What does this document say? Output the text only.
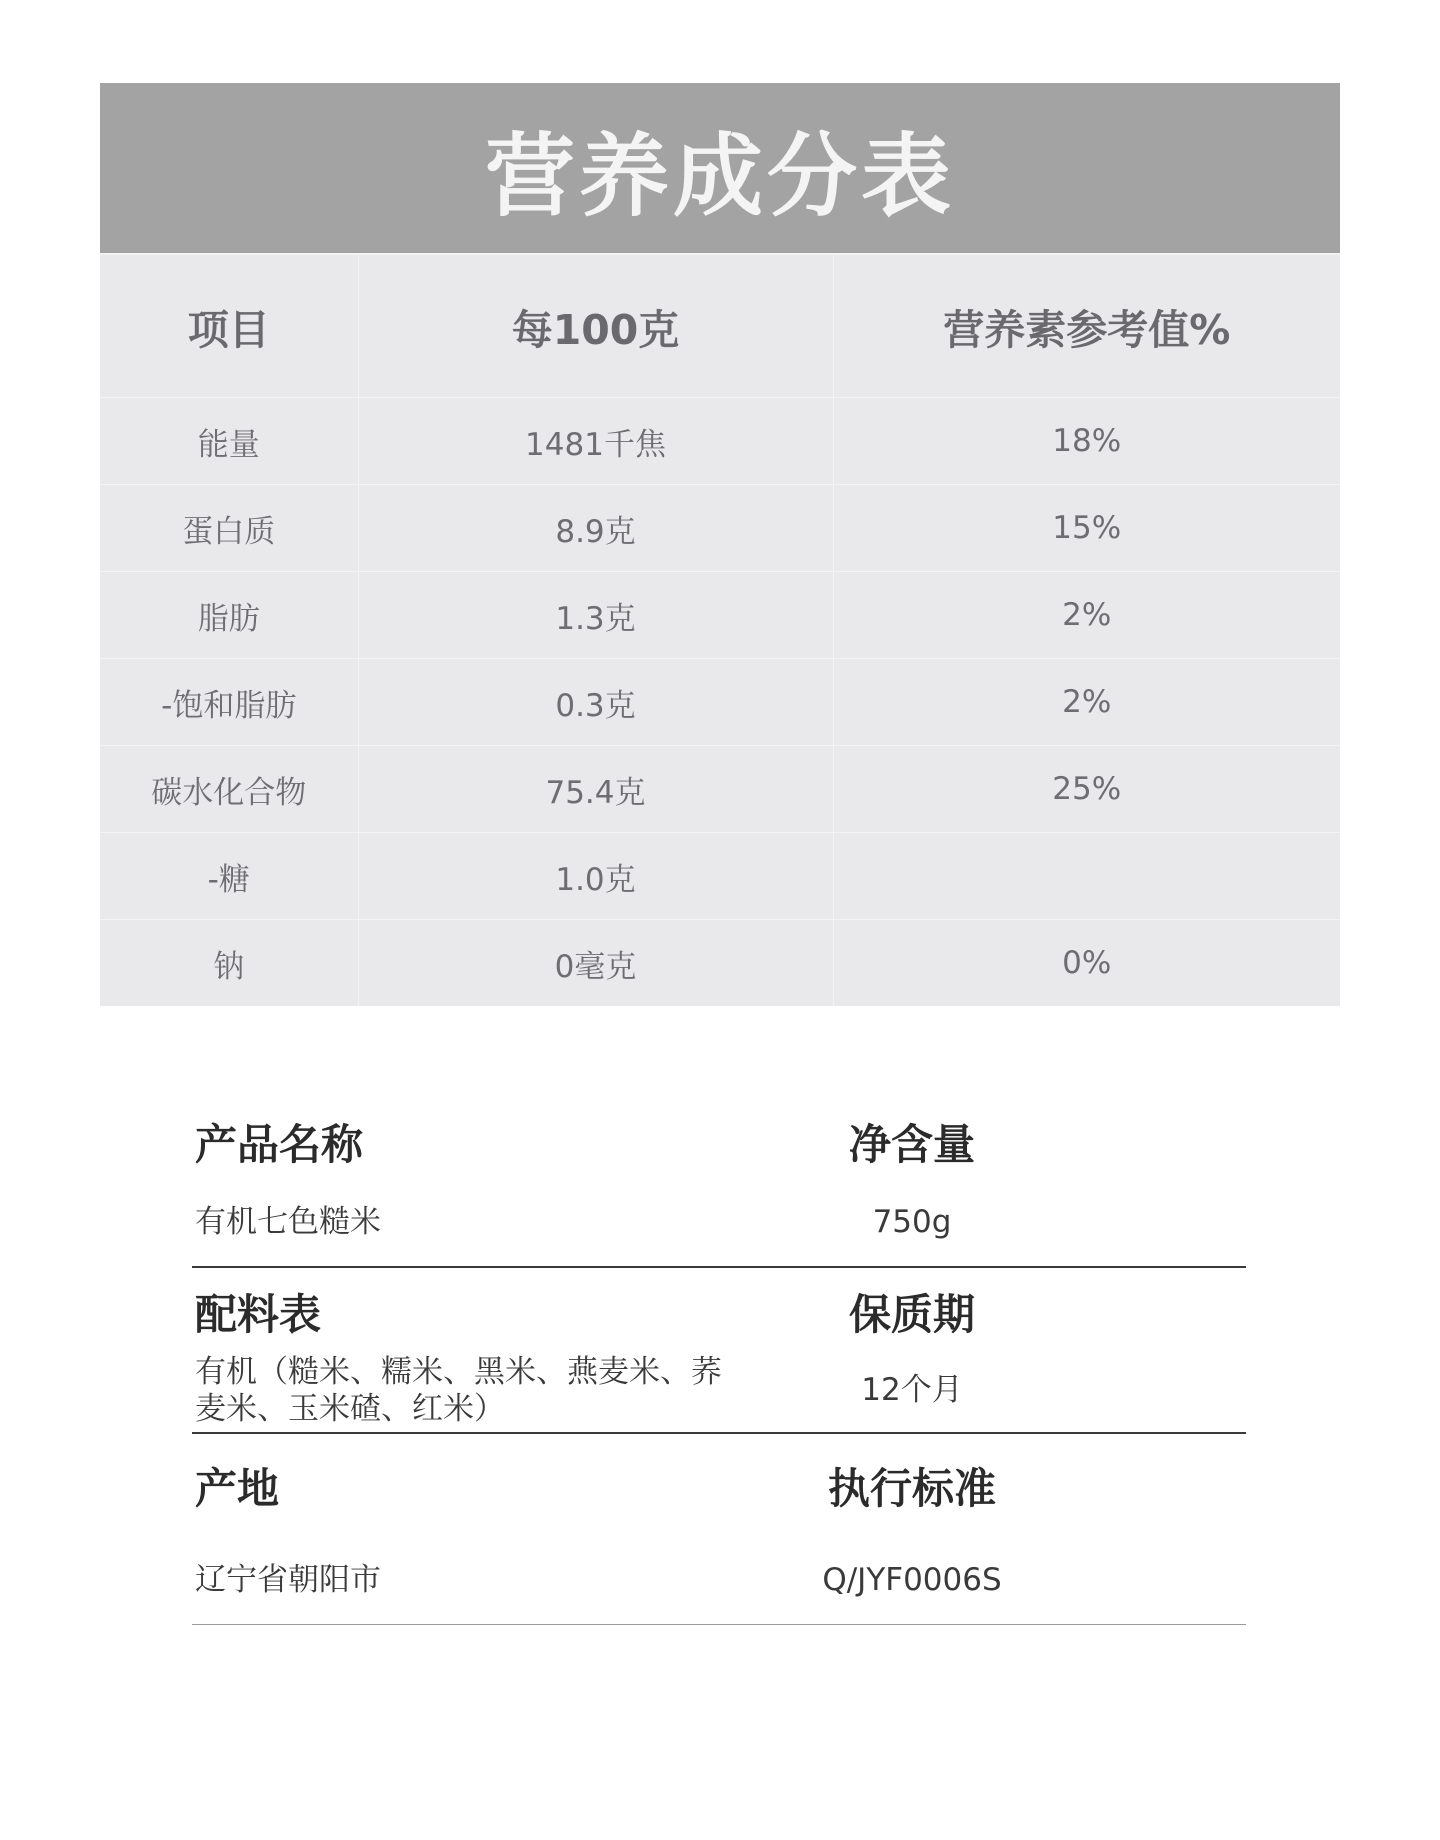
营养成分表
项目	每100克	营养素参考值%
能量	1481千焦	18%
蛋白质	8.9克	15%
脂肪	1.3克	2%
-饱和脂肪	0.3克	2%
碳水化合物	75.4克	25%
-糖	1.0克	
钠	0毫克	0%
产品名称	净含量
有机七色糙米	750g
配料表	保质期
有机（糙米、糯米、黑米、燕麦米、荞
麦米、玉米碴、红米）
12个月
产地	执行标准
辽宁省朝阳市	Q/JYF0006S
